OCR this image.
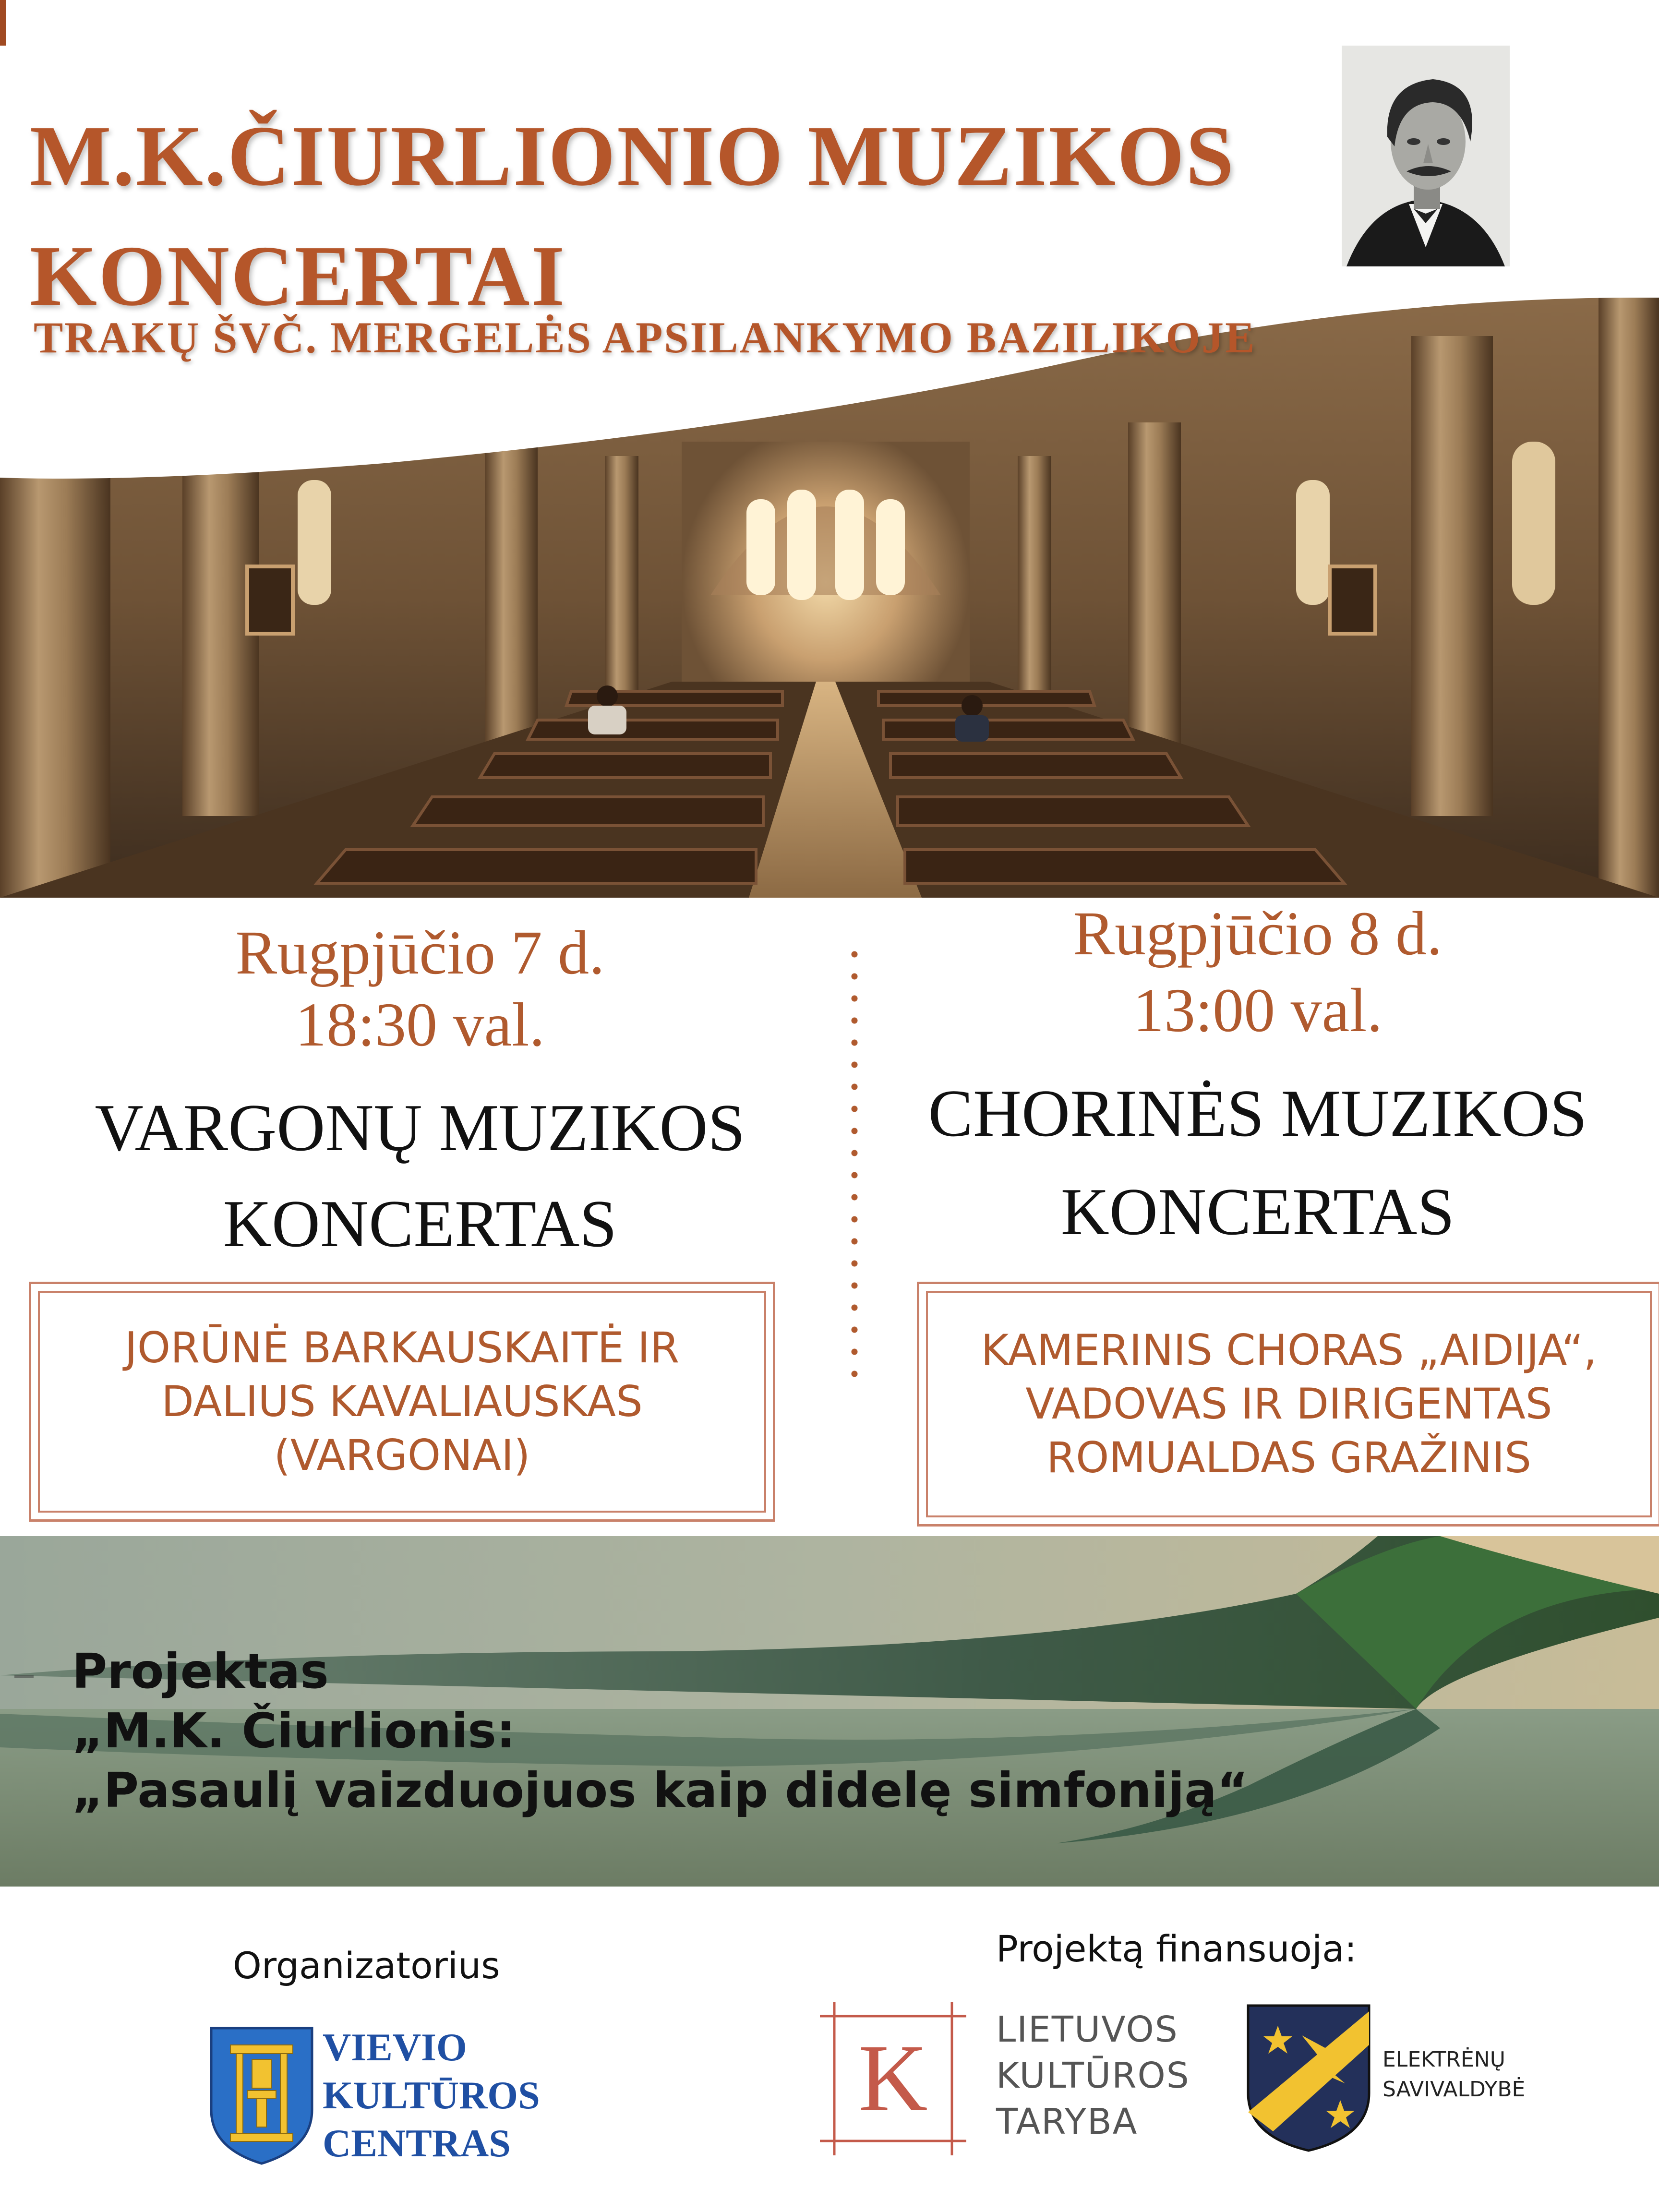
M.K.ČIURLIONIO MUZIKOS
KONCERTAI

TRAKŲ ŠVČ. MERGELĖS APSILANKYMO BAZILIKOJE

Rugpjūčio 7 d.

18:30 val.

VARGONŲ MUZIKOS

KONCERTAS

JORŪNĖ BARKAUSKAITĖ IR
DALIUS KAVALIAUSKAS
(VARGONAI)

Rugpjūčio 8 d.

13:00 val.

CHORINĖS MUZIKOS

KONCERTAS

KAMERINIS CHORAS „AIDIJA“,
VADOVAS IR DIRIGENTAS
ROMUALDAS GRAŽINIS

Projektas
„M.K. Čiurlionis:
„Pasaulį vaizduojuos kaip didelę simfoniją“

Organizatorius	Projektą finansuoja:

VIEVIO
KULTŪROS
CENTRAS

K	LIETUVOS
KULTŪROS
TARYBA

ELEKTRĖNŲ
SAVIVALDYBĖ
